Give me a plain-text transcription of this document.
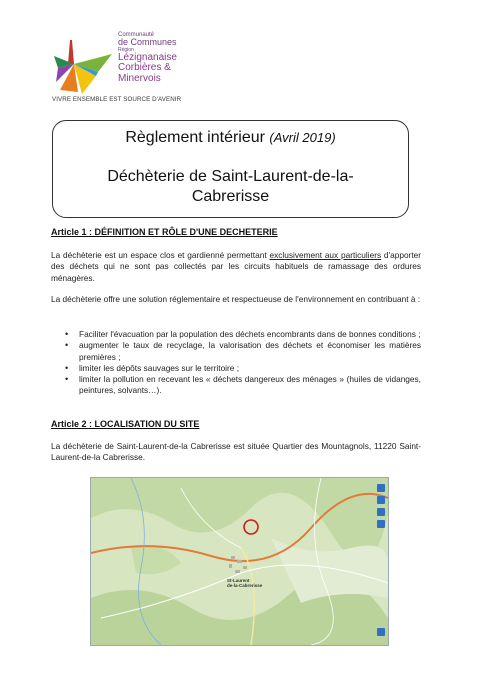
Communauté
de Communes
Région
Lézignanaise
Corbières &
Minervois
VIVRE ENSEMBLE EST SOURCE D'AVENIR
Règlement intérieur (Avril 2019)
Déchèterie de Saint-Laurent-de-la-
Cabrerisse
Article 1 : DÉFINITION ET RÔLE D'UNE DECHETERIE
La déchèterie est un espace clos et gardienné permettant exclusivement aux particuliers d'apporter des déchets qui ne sont pas collectés par les circuits habituels de ramassage des ordures ménagères.
La déchèterie offre une solution réglementaire et respectueuse de l'environnement en contribuant à :
• Faciliter l'évacuation par la population des déchets encombrants dans de bonnes conditions ;
• augmenter le taux de recyclage, la valorisation des déchets et économiser les matières premières ;
• limiter les dépôts sauvages sur le territoire ;
• limiter la pollution en recevant les « déchets dangereux des ménages » (huiles de vidanges, peintures, solvants…).
Article 2 : LOCALISATION DU SITE
La déchèterie de Saint-Laurent-de-la Cabrerisse est située Quartier des Mountagnols, 11220 Saint-Laurent-de-la Cabrerisse.
St-Laurent
de-la-Cabrerisse
